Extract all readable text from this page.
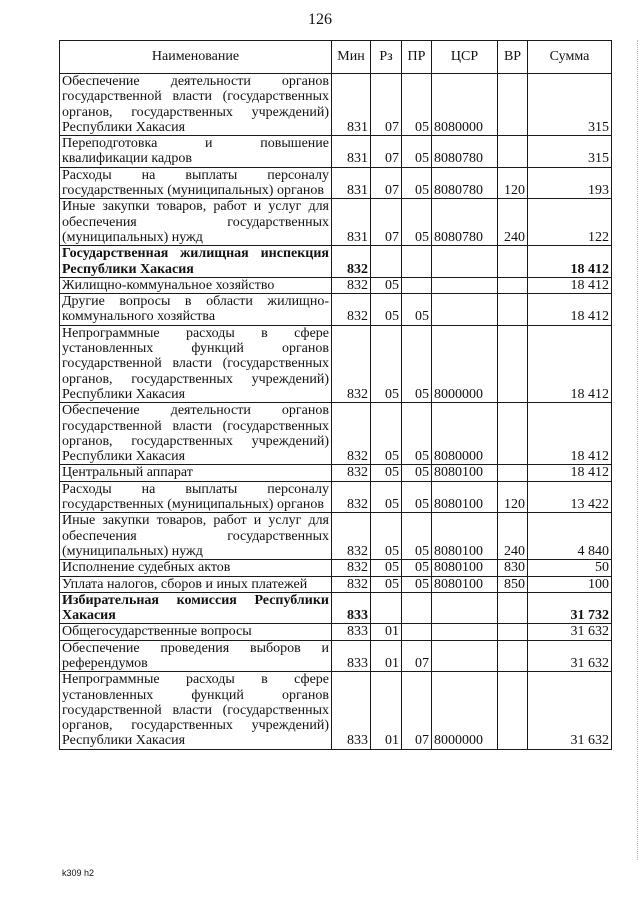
126
Наименование	Мин	Рз	ПР	ЦСР	ВР	Сумма
Обеспечение деятельности органов государственной власти (государственных органов, государственных учреждений) Республики Хакасия	831	07	05	8080000		315
Переподготовка и повышение квалификации кадров	831	07	05	8080780		315
Расходы на выплаты персоналу государственных (муниципальных) органов	831	07	05	8080780	120	193
Иные закупки товаров, работ и услуг для обеспечения государственных (муниципальных) нужд	831	07	05	8080780	240	122
Государственная жилищная инспекция Республики Хакасия	832					18 412
Жилищно-коммунальное хозяйство	832	05				18 412
Другие вопросы в области жилищно-коммунального хозяйства	832	05	05			18 412
Непрограммные расходы в сфере установленных функций органов государственной власти (государственных органов, государственных учреждений) Республики Хакасия	832	05	05	8000000		18 412
Обеспечение деятельности органов государственной власти (государственных органов, государственных учреждений) Республики Хакасия	832	05	05	8080000		18 412
Центральный аппарат	832	05	05	8080100		18 412
Расходы на выплаты персоналу государственных (муниципальных) органов	832	05	05	8080100	120	13 422
Иные закупки товаров, работ и услуг для обеспечения государственных (муниципальных) нужд	832	05	05	8080100	240	4 840
Исполнение судебных актов	832	05	05	8080100	830	50
Уплата налогов, сборов и иных платежей	832	05	05	8080100	850	100
Избирательная комиссия Республики Хакасия	833					31 732
Общегосударственные вопросы	833	01				31 632
Обеспечение проведения выборов и референдумов	833	01	07			31 632
Непрограммные расходы в сфере установленных функций органов государственной власти (государственных органов, государственных учреждений) Республики Хакасия	833	01	07	8000000		31 632
k309 h2
